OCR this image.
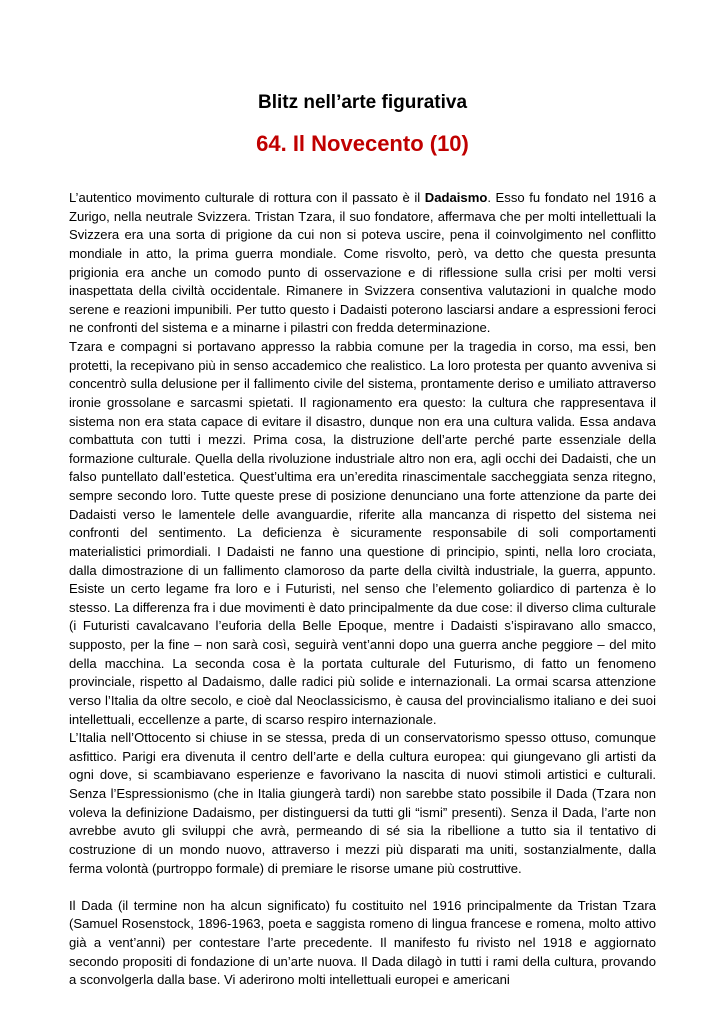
Blitz nell’arte figurativa
64. Il Novecento (10)

L’autentico movimento culturale di rottura con il passato è il Dadaismo. Esso fu fondato nel 1916 a Zurigo, nella neutrale Svizzera. Tristan Tzara, il suo fondatore, affermava che per molti intellettuali la Svizzera era una sorta di prigione da cui non si poteva uscire, pena il coinvolgimento nel conflitto mondiale in atto, la prima guerra mondiale. Come risvolto, però, va detto che questa presunta prigionia era anche un comodo punto di osservazione e di riflessione sulla crisi per molti versi inaspettata della civiltà occidentale. Rimanere in Svizzera consentiva valutazioni in qualche modo serene e reazioni impunibili. Per tutto questo i Dadaisti poterono lasciarsi andare a espressioni feroci ne confronti del sistema e a minarne i pilastri con fredda determinazione.

Tzara e compagni si portavano appresso la rabbia comune per la tragedia in corso, ma essi, ben protetti, la recepivano più in senso accademico che realistico. La loro protesta per quanto avveniva si concentrò sulla delusione per il fallimento civile del sistema, prontamente deriso e umiliato attraverso ironie grossolane e sarcasmi spietati. Il ragionamento era questo: la cultura che rappresentava il sistema non era stata capace di evitare il disastro, dunque non era una cultura valida. Essa andava combattuta con tutti i mezzi. Prima cosa, la distruzione dell’arte perché parte essenziale della formazione culturale. Quella della rivoluzione industriale altro non era, agli occhi dei Dadaisti, che un falso puntellato dall’estetica. Quest’ultima era un’eredita rinascimentale saccheggiata senza ritegno, sempre secondo loro. Tutte queste prese di posizione denunciano una forte attenzione da parte dei Dadaisti verso le lamentele delle avanguardie, riferite alla mancanza di rispetto del sistema nei confronti del sentimento. La deficienza è sicuramente responsabile di soli comportamenti materialistici primordiali. I Dadaisti ne fanno una questione di principio, spinti, nella loro crociata, dalla dimostrazione di un fallimento clamoroso da parte della civiltà industriale, la guerra, appunto. Esiste un certo legame fra loro e i Futuristi, nel senso che l’elemento goliardico di partenza è lo stesso. La differenza fra i due movimenti è dato principalmente da due cose: il diverso clima culturale (i Futuristi cavalcavano l’euforia della Belle Epoque, mentre i Dadaisti s’ispiravano allo smacco, supposto, per la fine – non sarà così, seguirà vent’anni dopo una guerra anche peggiore – del mito della macchina. La seconda cosa è la portata culturale del Futurismo, di fatto un fenomeno provinciale, rispetto al Dadaismo, dalle radici più solide e internazionali. La ormai scarsa attenzione verso l’Italia da oltre secolo, e cioè dal Neoclassicismo, è causa del provincialismo italiano e dei suoi intellettuali, eccellenze a parte, di scarso respiro internazionale.

L’Italia nell’Ottocento si chiuse in se stessa, preda di un conservatorismo spesso ottuso, comunque asfittico. Parigi era divenuta il centro dell’arte e della cultura europea: qui giungevano gli artisti da ogni dove, si scambiavano esperienze e favorivano la nascita di nuovi stimoli artistici e culturali. Senza l’Espressionismo (che in Italia giungerà tardi) non sarebbe stato possibile il Dada (Tzara non voleva la definizione Dadaismo, per distinguersi da tutti gli “ismi” presenti). Senza il Dada, l’arte non avrebbe avuto gli sviluppi che avrà, permeando di sé sia la ribellione a tutto sia il tentativo di costruzione di un mondo nuovo, attraverso i mezzi più disparati ma uniti, sostanzialmente, dalla ferma volontà (purtroppo formale) di premiare le risorse umane più costruttive.

Il Dada (il termine non ha alcun significato) fu costituito nel 1916 principalmente da Tristan Tzara (Samuel Rosenstock, 1896-1963, poeta e saggista romeno di lingua francese e romena, molto attivo già a vent’anni) per contestare l’arte precedente. Il manifesto fu rivisto nel 1918 e aggiornato secondo propositi di fondazione di un’arte nuova. Il Dada dilagò in tutti i rami della cultura, provando a sconvolgerla dalla base. Vi aderirono molti intellettuali europei e americani
